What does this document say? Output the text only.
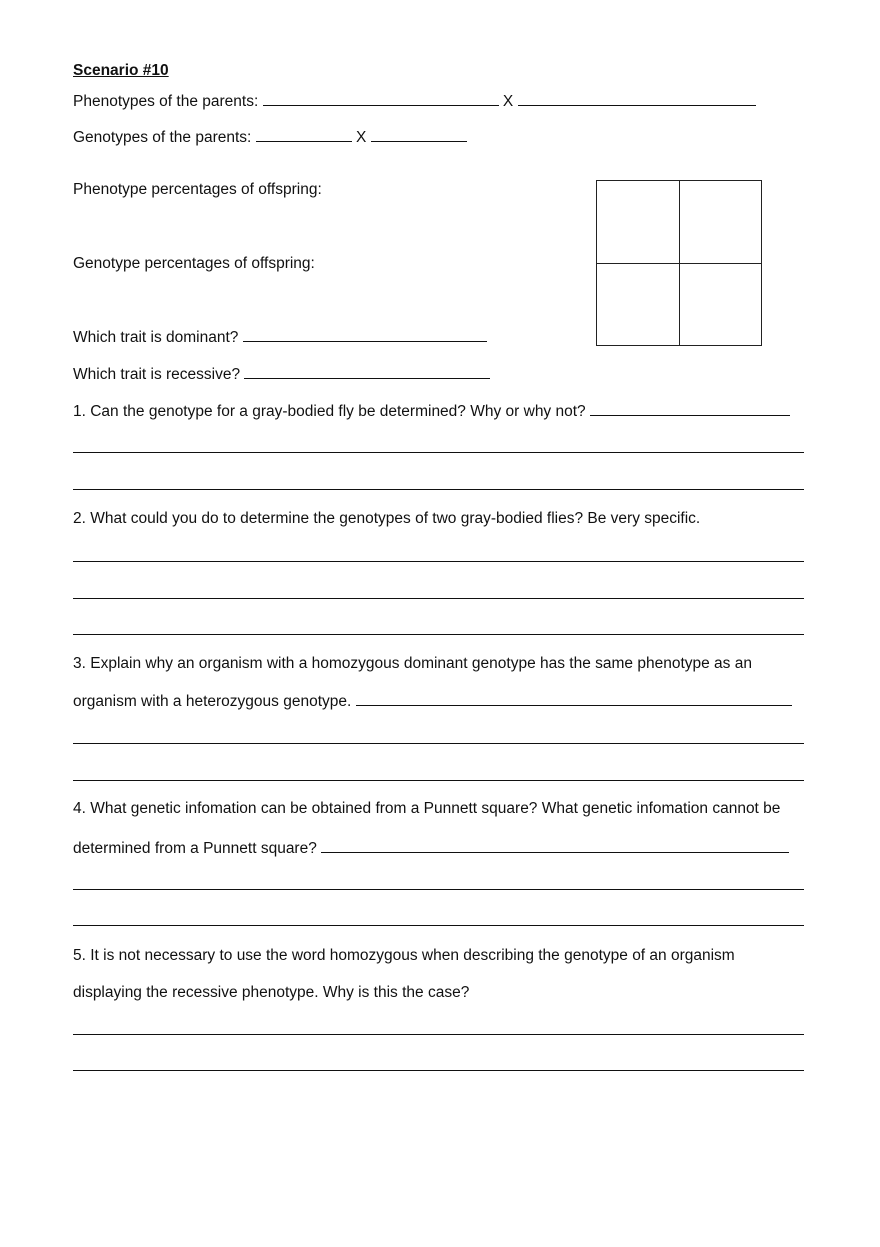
Scenario #10
Phenotypes of the parents:	X
Genotypes of the parents:	X
Phenotype percentages of offspring:
Genotype percentages of offspring:
Which trait is dominant?
Which trait is recessive?
1. Can the genotype for a gray-bodied fly be determined? Why or why not?
2. What could you do to determine the genotypes of two gray-bodied flies? Be very specific.
3. Explain why an organism with a homozygous dominant genotype has the same phenotype as an
organism with a heterozygous genotype.
4. What genetic infomation can be obtained from a Punnett square? What genetic infomation cannot be
determined from a Punnett square?
5. It is not necessary to use the word homozygous when describing the genotype of an organism
displaying the recessive phenotype. Why is this the case?
